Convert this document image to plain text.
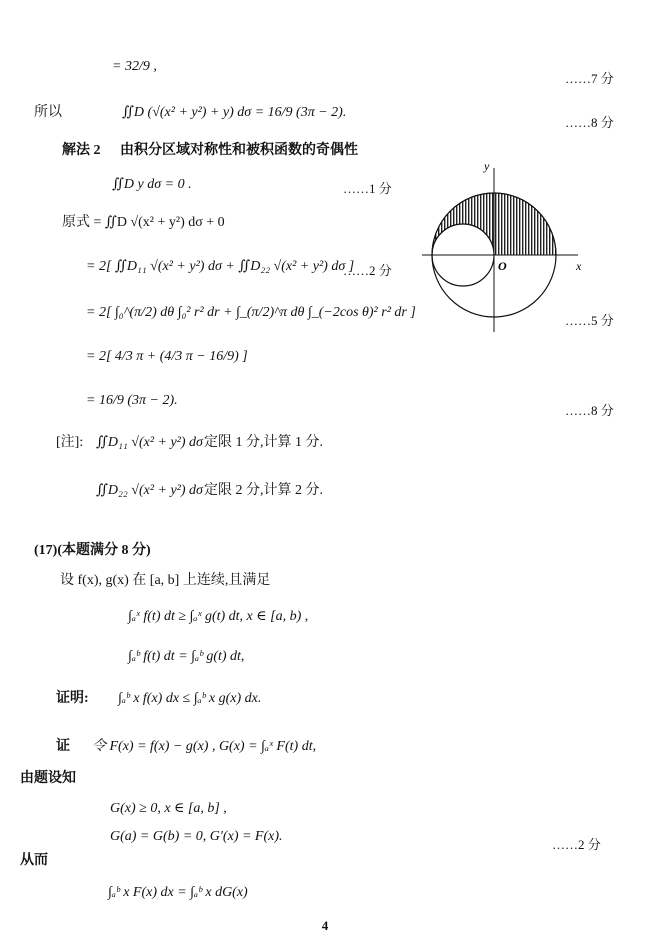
= 32/9 ,
……7 分
所以	∬D (√(x² + y²) + y) dσ = 16/9 (3π − 2).
……8 分
解法 2 由积分区域对称性和被积函数的奇偶性
∬D y dσ = 0 .	……1 分
原式 = ∬D √(x² + y²) dσ + 0
= 2[ ∬D₁₁ √(x² + y²) dσ + ∬D₂₂ √(x² + y²) dσ ]
……2 分
= 2[ ∫₀^(π/2) dθ ∫₀² r² dr + ∫_(π/2)^π dθ ∫_(−2cos θ)² r² dr ]
……5 分
= 2[ 4/3 π + (4/3 π − 16/9) ]
= 16/9 (3π − 2).
……8 分
y
x
O
[注]: ∬D₁₁ √(x² + y²) dσ 定限 1 分,计算 1 分.
∬D₂₂ √(x² + y²) dσ 定限 2 分,计算 2 分.
(17)(本题满分 8 分)
设 f(x), g(x) 在 [a, b] 上连续,且满足
∫ₐˣ f(t) dt ≥ ∫ₐˣ g(t) dt, x ∈ [a, b) ,
∫ₐᵇ f(t) dt = ∫ₐᵇ g(t) dt,
证明: ∫ₐᵇ x f(x) dx ≤ ∫ₐᵇ x g(x) dx.
证 令 F(x) = f(x) − g(x) , G(x) = ∫ₐˣ F(t) dt,
由题设知
G(x) ≥ 0, x ∈ [a, b] ,
G(a) = G(b) = 0, G′(x) = F(x).
……2 分
从而
∫ₐᵇ x F(x) dx = ∫ₐᵇ x dG(x)
4
